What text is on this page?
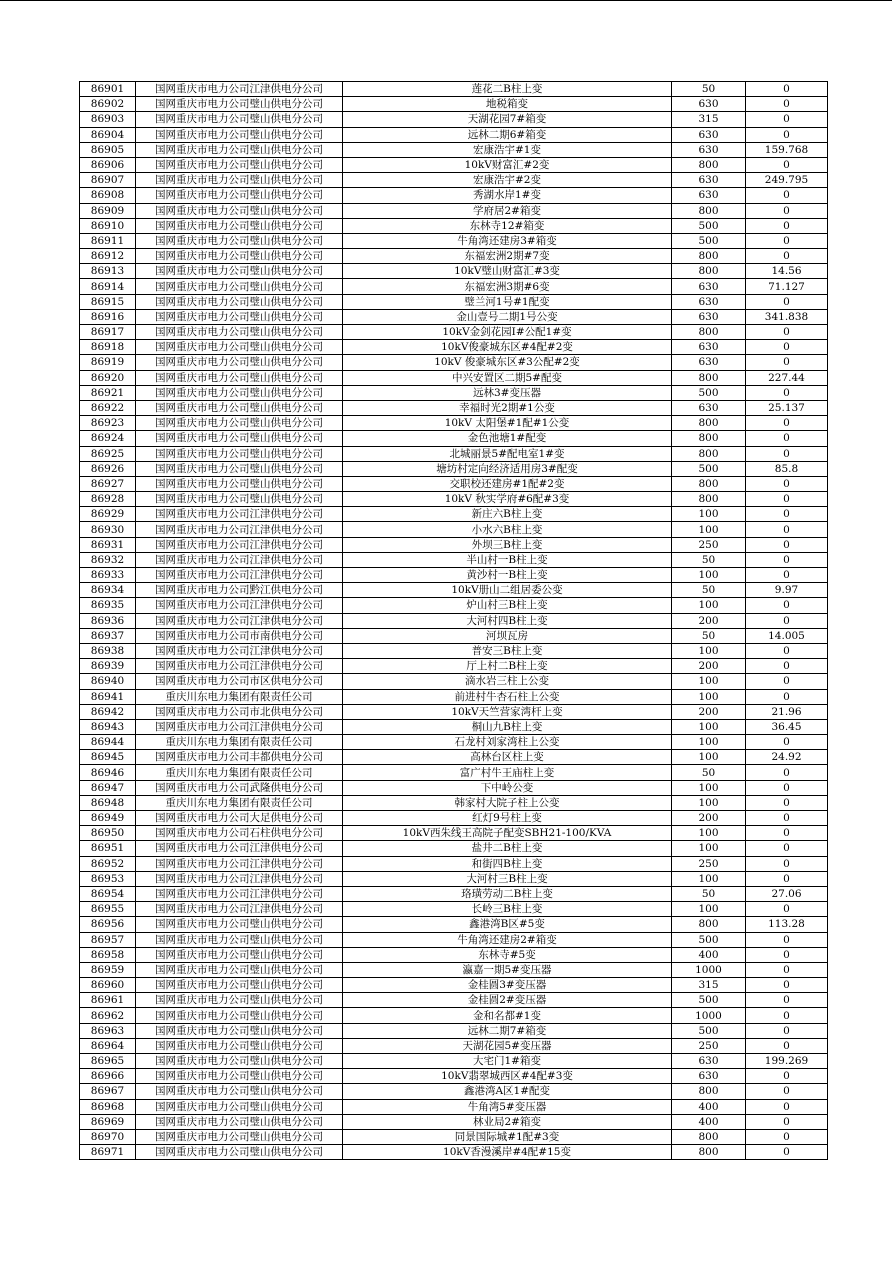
86901	国网重庆市电力公司江津供电分公司	莲花二B柱上变	50	0
86902	国网重庆市电力公司璧山供电分公司	地税箱变	630	0
86903	国网重庆市电力公司璧山供电分公司	天湖花园7#箱变	315	0
86904	国网重庆市电力公司璧山供电分公司	远林二期6#箱变	630	0
86905	国网重庆市电力公司璧山供电分公司	宏康浩宇#1变	630	159.768
86906	国网重庆市电力公司璧山供电分公司	10kV财富汇#2变	800	0
86907	国网重庆市电力公司璧山供电分公司	宏康浩宇#2变	630	249.795
86908	国网重庆市电力公司璧山供电分公司	秀湖水岸1#变	630	0
86909	国网重庆市电力公司璧山供电分公司	学府居2#箱变	800	0
86910	国网重庆市电力公司璧山供电分公司	东林寺12#箱变	500	0
86911	国网重庆市电力公司璧山供电分公司	牛角湾还建房3#箱变	500	0
86912	国网重庆市电力公司璧山供电分公司	东福宏洲2期#7变	800	0
86913	国网重庆市电力公司璧山供电分公司	10kV璧山财富汇#3变	800	14.56
86914	国网重庆市电力公司璧山供电分公司	东福宏洲3期#6变	630	71.127
86915	国网重庆市电力公司璧山供电分公司	璧兰河1号#1配变	630	0
86916	国网重庆市电力公司璧山供电分公司	金山壹号二期1号公变	630	341.838
86917	国网重庆市电力公司璧山供电分公司	10kV金剑花园Ⅰ#公配1#变	800	0
86918	国网重庆市电力公司璧山供电分公司	10kV俊豪城东区#4配#2变	630	0
86919	国网重庆市电力公司璧山供电分公司	10kV 俊豪城东区#3公配#2变	630	0
86920	国网重庆市电力公司璧山供电分公司	中兴安置区二期5#配变	800	227.44
86921	国网重庆市电力公司璧山供电分公司	远林3#变压器	500	0
86922	国网重庆市电力公司璧山供电分公司	幸福时光2期#1公变	630	25.137
86923	国网重庆市电力公司璧山供电分公司	10kV 太阳堡#1配#1公变	800	0
86924	国网重庆市电力公司璧山供电分公司	金色池塘1#配变	800	0
86925	国网重庆市电力公司璧山供电分公司	北城丽景5#配电室1#变	800	0
86926	国网重庆市电力公司璧山供电分公司	塘坊村定向经济适用房3#配变	500	85.8
86927	国网重庆市电力公司璧山供电分公司	交职校还建房#1配#2变	800	0
86928	国网重庆市电力公司璧山供电分公司	10kV 秋实学府#6配#3变	800	0
86929	国网重庆市电力公司江津供电分公司	新庄六B柱上变	100	0
86930	国网重庆市电力公司江津供电分公司	小水六B柱上变	100	0
86931	国网重庆市电力公司江津供电分公司	外坝三B柱上变	250	0
86932	国网重庆市电力公司江津供电分公司	半山村一B柱上变	50	0
86933	国网重庆市电力公司江津供电分公司	黄沙村一B柱上变	100	0
86934	国网重庆市电力公司黔江供电分公司	10kV册山二组居委公变	50	9.97
86935	国网重庆市电力公司江津供电分公司	炉山村三B柱上变	100	0
86936	国网重庆市电力公司江津供电分公司	大河村四B柱上变	200	0
86937	国网重庆市电力公司市南供电分公司	河坝瓦房	50	14.005
86938	国网重庆市电力公司江津供电分公司	普安三B柱上变	100	0
86939	国网重庆市电力公司江津供电分公司	厅上村二B柱上变	200	0
86940	国网重庆市电力公司市区供电分公司	滴水岩三柱上公变	100	0
86941	重庆川东电力集团有限责任公司	前进村牛杏石柱上公变	100	0
86942	国网重庆市电力公司市北供电分公司	10kV天竺营家湾杆上变	200	21.96
86943	国网重庆市电力公司江津供电分公司	桐山九B柱上变	100	36.45
86944	重庆川东电力集团有限责任公司	石龙村刘家湾柱上公变	100	0
86945	国网重庆市电力公司丰都供电分公司	高林台区柱上变	100	24.92
86946	重庆川东电力集团有限责任公司	富广村牛王庙柱上变	50	0
86947	国网重庆市电力公司武隆供电分公司	下中岭公变	100	0
86948	重庆川东电力集团有限责任公司	韩家村大院子柱上公变	100	0
86949	国网重庆市电力公司大足供电分公司	红灯9号柱上变	200	0
86950	国网重庆市电力公司石柱供电分公司	10kV西朱线王高院子配变SBH21-100/KVA	100	0
86951	国网重庆市电力公司江津供电分公司	盐井二B柱上变	100	0
86952	国网重庆市电力公司江津供电分公司	和街四B柱上变	250	0
86953	国网重庆市电力公司江津供电分公司	大河村三B柱上变	100	0
86954	国网重庆市电力公司江津供电分公司	珞璜劳动二B柱上变	50	27.06
86955	国网重庆市电力公司江津供电分公司	长岭三B柱上变	100	0
86956	国网重庆市电力公司璧山供电分公司	鑫港湾B区#5变	800	113.28
86957	国网重庆市电力公司璧山供电分公司	牛角湾还建房2#箱变	500	0
86958	国网重庆市电力公司璧山供电分公司	东林寺#5变	400	0
86959	国网重庆市电力公司璧山供电分公司	瀛嘉一期5#变压器	1000	0
86960	国网重庆市电力公司璧山供电分公司	金桂圆3#变压器	315	0
86961	国网重庆市电力公司璧山供电分公司	金桂圆2#变压器	500	0
86962	国网重庆市电力公司璧山供电分公司	金和名都#1变	1000	0
86963	国网重庆市电力公司璧山供电分公司	远林二期7#箱变	500	0
86964	国网重庆市电力公司璧山供电分公司	天湖花园5#变压器	250	0
86965	国网重庆市电力公司璧山供电分公司	大宅门1#箱变	630	199.269
86966	国网重庆市电力公司璧山供电分公司	10kV翡翠城西区#4配#3变	630	0
86967	国网重庆市电力公司璧山供电分公司	鑫港湾A区1#配变	800	0
86968	国网重庆市电力公司璧山供电分公司	牛角湾5#变压器	400	0
86969	国网重庆市电力公司璧山供电分公司	林业局2#箱变	400	0
86970	国网重庆市电力公司璧山供电分公司	同景国际城#1配#3变	800	0
86971	国网重庆市电力公司璧山供电分公司	10kV香漫溪岸#4配#15变	800	0
